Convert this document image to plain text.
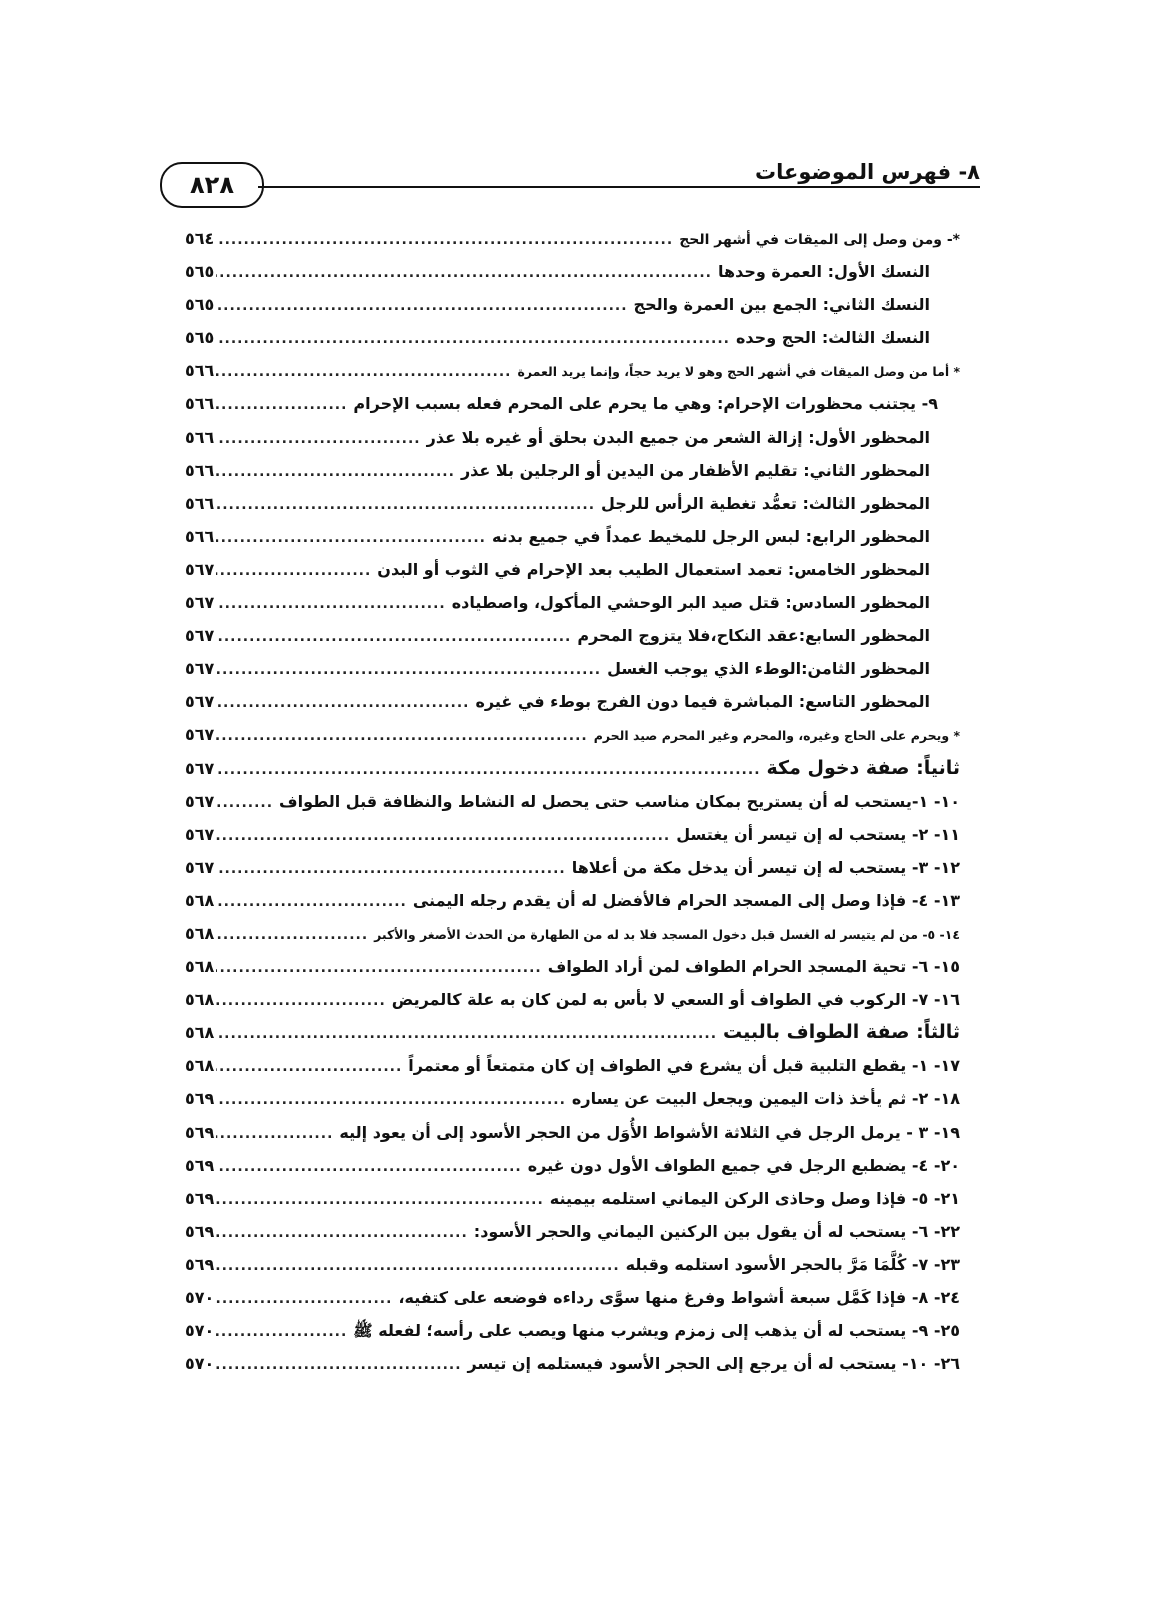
٨٢٨	٨- فهرس الموضوعات
*- ومن وصل إلى الميقات في أشهر الحج
.....
٥٦٤
النسك الأول: العمرة وحدها
.....
٥٦٥
النسك الثاني: الجمع بين العمرة والحج
.....
٥٦٥
النسك الثالث: الحج وحده
.....
٥٦٥
* أما من وصل الميقات في أشهر الحج وهو لا يريد حجاً، وإنما يريد العمرة
.....
٥٦٦
٩- يجتنب محظورات الإحرام: وهي ما يحرم على المحرم فعله بسبب الإحرام
.....
٥٦٦
المحظور الأول: إزالة الشعر من جميع البدن بحلق أو غيره بلا عذر
.....
٥٦٦
المحظور الثاني: تقليم الأظفار من اليدين أو الرجلين بلا عذر
.....
٥٦٦
المحظور الثالث: تعمُّد تغطية الرأس للرجل
.....
٥٦٦
المحظور الرابع: لبس الرجل للمخيط عمداً في جميع بدنه
.....
٥٦٦
المحظور الخامس: تعمد استعمال الطيب بعد الإحرام في الثوب أو البدن
.....
٥٦٧
المحظور السادس: قتل صيد البر الوحشي المأكول، واصطياده
.....
٥٦٧
المحظور السابع:عقد النكاح،فلا يتزوج المحرم
.....
٥٦٧
المحظور الثامن:الوطء الذي يوجب الغسل
.....
٥٦٧
المحظور التاسع: المباشرة فيما دون الفرج بوطء في غيره
.....
٥٦٧
* ويحرم على الحاج وغيره، والمحرم وغير المحرم صيد الحرم
.....
٥٦٧
ثانياً: صفة دخول مكة
.....
٥٦٧
١٠- ١-يستحب له أن يستريح بمكان مناسب حتى يحصل له النشاط والنظافة قبل الطواف
.....
٥٦٧
١١- ٢- يستحب له إن تيسر أن يغتسل
.....
٥٦٧
١٢- ٣- يستحب له إن تيسر أن يدخل مكة من أعلاها
.....
٥٦٧
١٣- ٤- فإذا وصل إلى المسجد الحرام فالأفضل له أن يقدم رجله اليمنى
.....
٥٦٨
١٤- ٥- من لم يتيسر له الغسل قبل دخول المسجد فلا بد له من الطهارة من الحدث الأصغر والأكبر
.....
٥٦٨
١٥- ٦- تحية المسجد الحرام الطواف لمن أراد الطواف
.....
٥٦٨
١٦- ٧- الركوب في الطواف أو السعي لا بأس به لمن كان به علة كالمريض
.....
٥٦٨
ثالثاً: صفة الطواف بالبيت
.....
٥٦٨
١٧- ١- يقطع التلبية قبل أن يشرع في الطواف إن كان متمتعاً أو معتمراً
.....
٥٦٨
١٨- ٢- ثم يأخذ ذات اليمين ويجعل البيت عن يساره
.....
٥٦٩
١٩- ٣ - يرمل الرجل في الثلاثة الأشواط الأُوَل من الحجر الأسود إلى أن يعود إليه
.....
٥٦٩
٢٠- ٤- يضطبع الرجل في جميع الطواف الأول دون غيره
.....
٥٦٩
٢١- ٥- فإذا وصل وحاذى الركن اليماني استلمه بيمينه
.....
٥٦٩
٢٢- ٦- يستحب له أن يقول بين الركنين اليماني والحجر الأسود:
.....
٥٦٩
٢٣- ٧- كُلَّمَا مَرَّ بالحجر الأسود استلمه وقبله
.....
٥٦٩
٢٤- ٨- فإذا كَمَّل سبعة أشواط وفرغ منها سوَّى رداءه فوضعه على كتفيه،
.....
٥٧٠
٢٥- ٩- يستحب له أن يذهب إلى زمزم ويشرب منها ويصب على رأسه؛ لفعله ﷺ
.....
٥٧٠
٢٦- ١٠- يستحب له أن يرجع إلى الحجر الأسود فيستلمه إن تيسر
.....
٥٧٠
